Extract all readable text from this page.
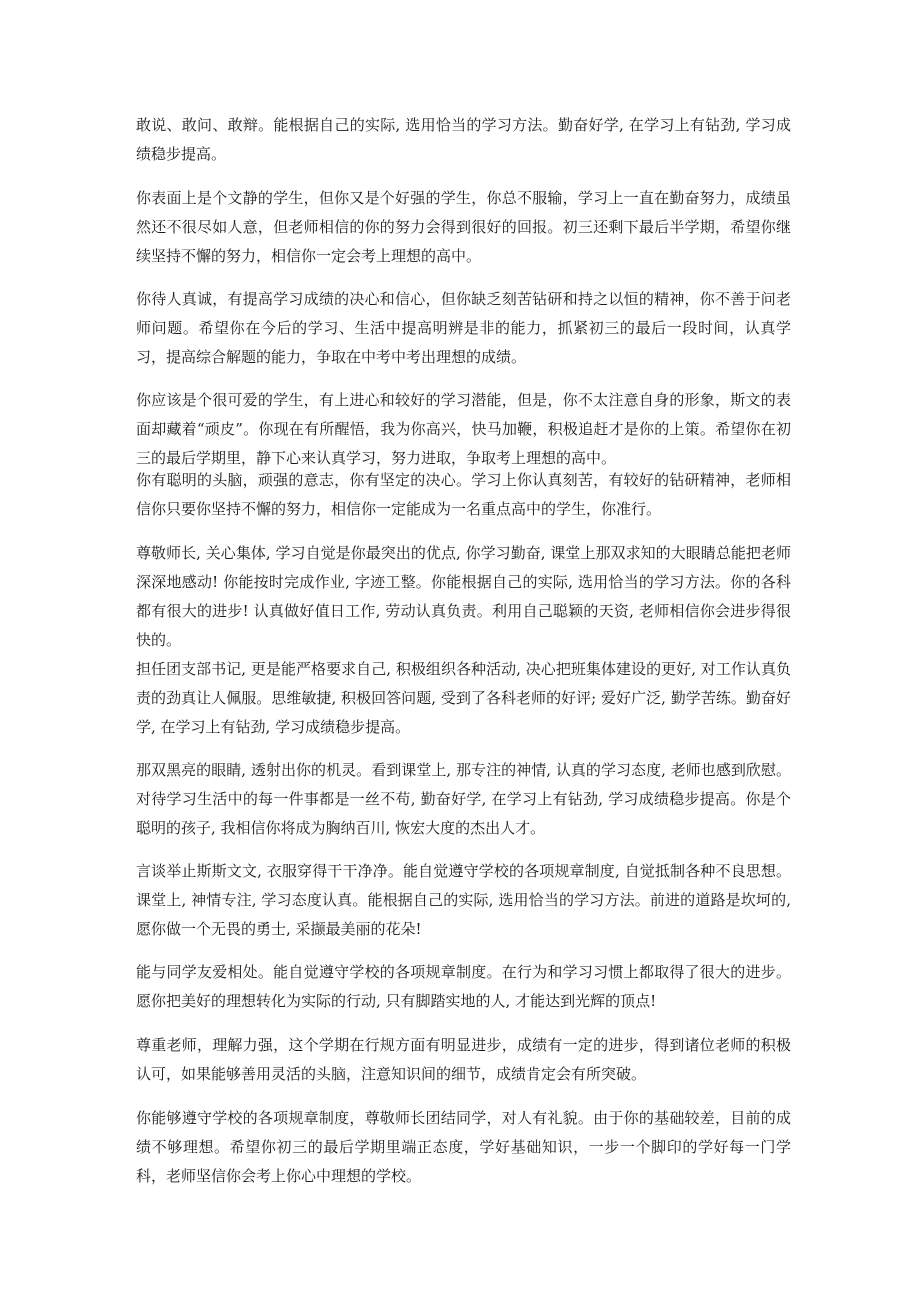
敢说、敢问、敢辩。能根据自己的实际, 选用恰当的学习方法。勤奋好学, 在学习上有钻劲, 学习成绩稳步提高。

你表面上是个文静的学生，但你又是个好强的学生，你总不服输，学习上一直在勤奋努力，成绩虽然还不很尽如人意，但老师相信的你的努力会得到很好的回报。初三还剩下最后半学期，希望你继续坚持不懈的努力，相信你一定会考上理想的高中。

你待人真诚，有提高学习成绩的决心和信心，但你缺乏刻苦钻研和持之以恒的精神，你不善于问老师问题。希望你在今后的学习、生活中提高明辨是非的能力，抓紧初三的最后一段时间，认真学习，提高综合解题的能力，争取在中考中考出理想的成绩。

你应该是个很可爱的学生，有上进心和较好的学习潜能，但是，你不太注意自身的形象，斯文的表面却藏着“顽皮”。你现在有所醒悟，我为你高兴，快马加鞭，积极追赶才是你的上策。希望你在初三的最后学期里，静下心来认真学习，努力进取，争取考上理想的高中。

你有聪明的头脑，顽强的意志，你有坚定的决心。学习上你认真刻苦，有较好的钻研精神，老师相信你只要你坚持不懈的努力，相信你一定能成为一名重点高中的学生，你准行。

尊敬师长, 关心集体, 学习自觉是你最突出的优点, 你学习勤奋, 课堂上那双求知的大眼睛总能把老师深深地感动! 你能按时完成作业, 字迹工整。你能根据自己的实际, 选用恰当的学习方法。你的各科都有很大的进步! 认真做好值日工作, 劳动认真负责。利用自己聪颖的天资, 老师相信你会进步得很快的。

担任团支部书记, 更是能严格要求自己, 积极组织各种活动, 决心把班集体建设的更好, 对工作认真负责的劲真让人佩服。思维敏捷, 积极回答问题, 受到了各科老师的好评; 爱好广泛, 勤学苦练。勤奋好学, 在学习上有钻劲, 学习成绩稳步提高。

那双黑亮的眼睛, 透射出你的机灵。看到课堂上, 那专注的神情, 认真的学习态度, 老师也感到欣慰。对待学习生活中的每一件事都是一丝不苟, 勤奋好学, 在学习上有钻劲, 学习成绩稳步提高。你是个聪明的孩子, 我相信你将成为胸纳百川, 恢宏大度的杰出人才。

言谈举止斯斯文文, 衣服穿得干干净净。能自觉遵守学校的各项规章制度, 自觉抵制各种不良思想。课堂上, 神情专注, 学习态度认真。能根据自己的实际, 选用恰当的学习方法。前进的道路是坎坷的, 愿你做一个无畏的勇士, 采撷最美丽的花朵!

能与同学友爱相处。能自觉遵守学校的各项规章制度。在行为和学习习惯上都取得了很大的进步。愿你把美好的理想转化为实际的行动, 只有脚踏实地的人, 才能达到光辉的顶点!

尊重老师，理解力强，这个学期在行规方面有明显进步，成绩有一定的进步，得到诸位老师的积极认可，如果能够善用灵活的头脑，注意知识间的细节，成绩肯定会有所突破。

你能够遵守学校的各项规章制度，尊敬师长团结同学，对人有礼貌。由于你的基础较差，目前的成绩不够理想。希望你初三的最后学期里端正态度，学好基础知识，一步一个脚印的学好每一门学科，老师坚信你会考上你心中理想的学校。
